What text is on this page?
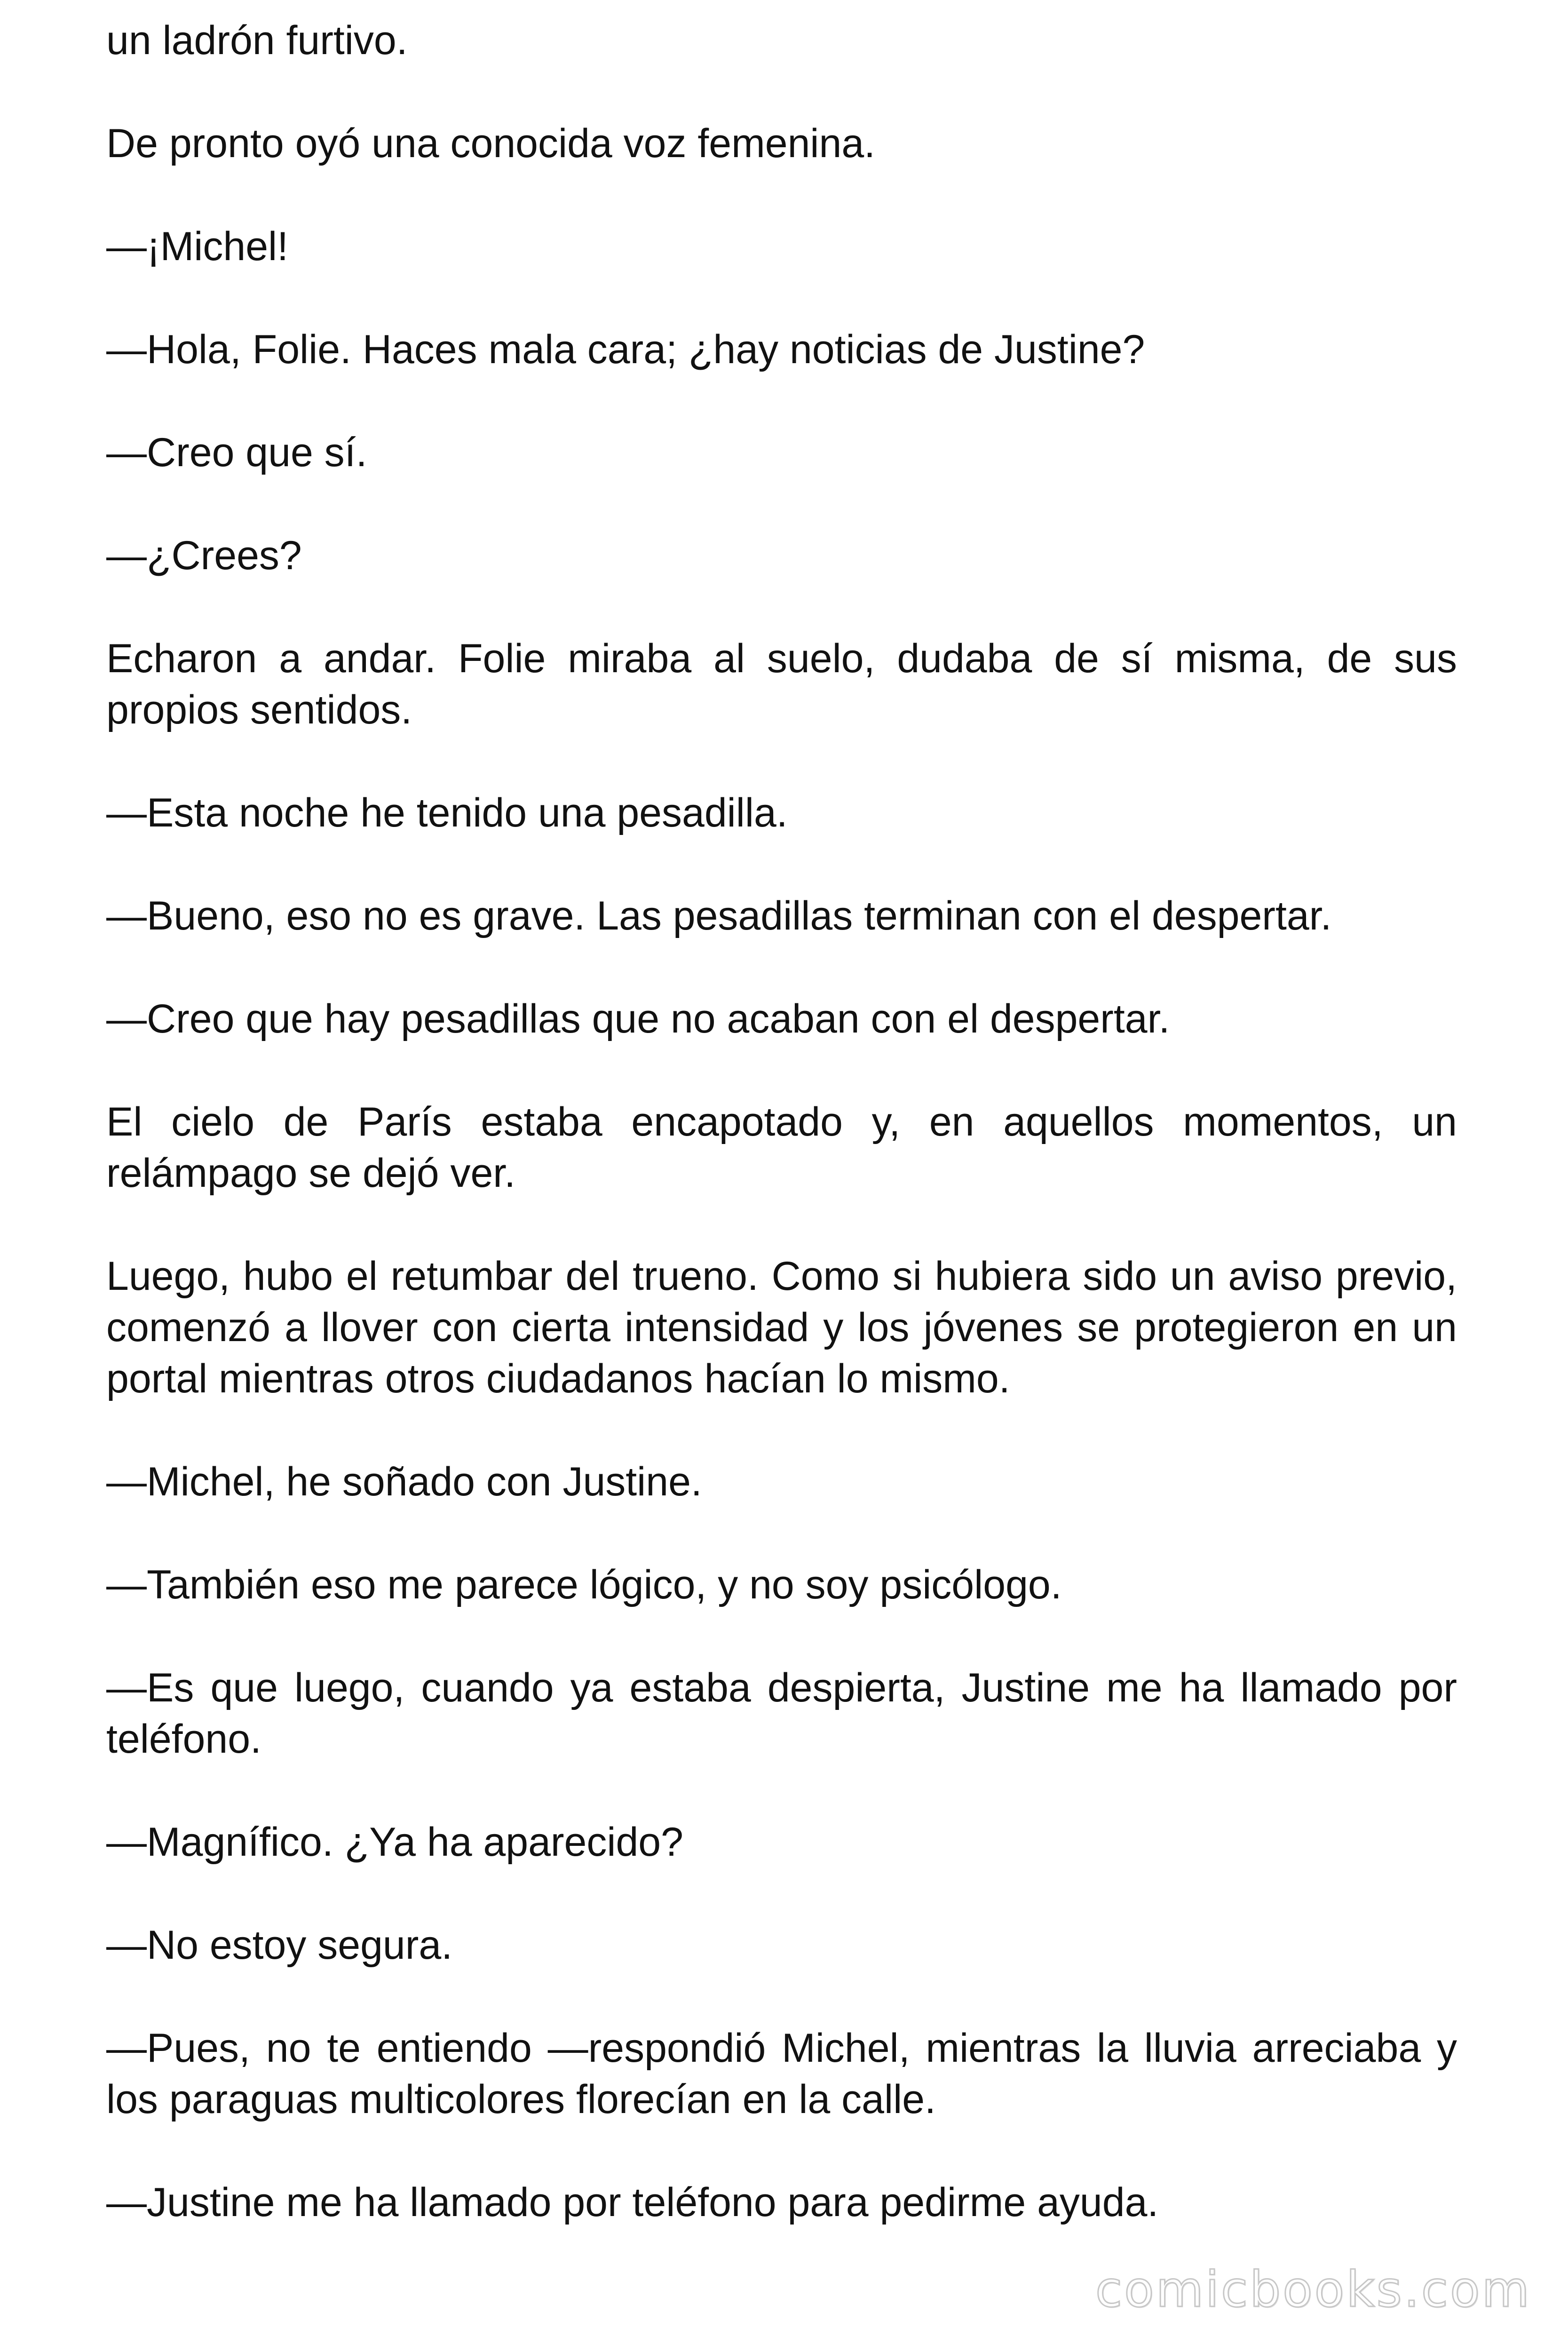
un ladrón furtivo.

De pronto oyó una conocida voz femenina.

—¡Michel!

—Hola, Folie. Haces mala cara; ¿hay noticias de Justine?

—Creo que sí.

—¿Crees?

Echaron a andar. Folie miraba al suelo, dudaba de sí misma, de sus propios sentidos.

—Esta noche he tenido una pesadilla.

—Bueno, eso no es grave. Las pesadillas terminan con el despertar.

—Creo que hay pesadillas que no acaban con el despertar.

El cielo de París estaba encapotado y, en aquellos momentos, un relámpago se dejó ver.

Luego, hubo el retumbar del trueno. Como si hubiera sido un aviso previo, comenzó a llover con cierta intensidad y los jóvenes se protegieron en un portal mientras otros ciudadanos hacían lo mismo.

—Michel, he soñado con Justine.

—También eso me parece lógico, y no soy psicólogo.

—Es que luego, cuando ya estaba despierta, Justine me ha llamado por teléfono.

—Magnífico. ¿Ya ha aparecido?

—No estoy segura.

—Pues, no te entiendo —respondió Michel, mientras la lluvia arreciaba y los paraguas multicolores florecían en la calle.

—Justine me ha llamado por teléfono para pedirme ayuda.

comicbooks.com
